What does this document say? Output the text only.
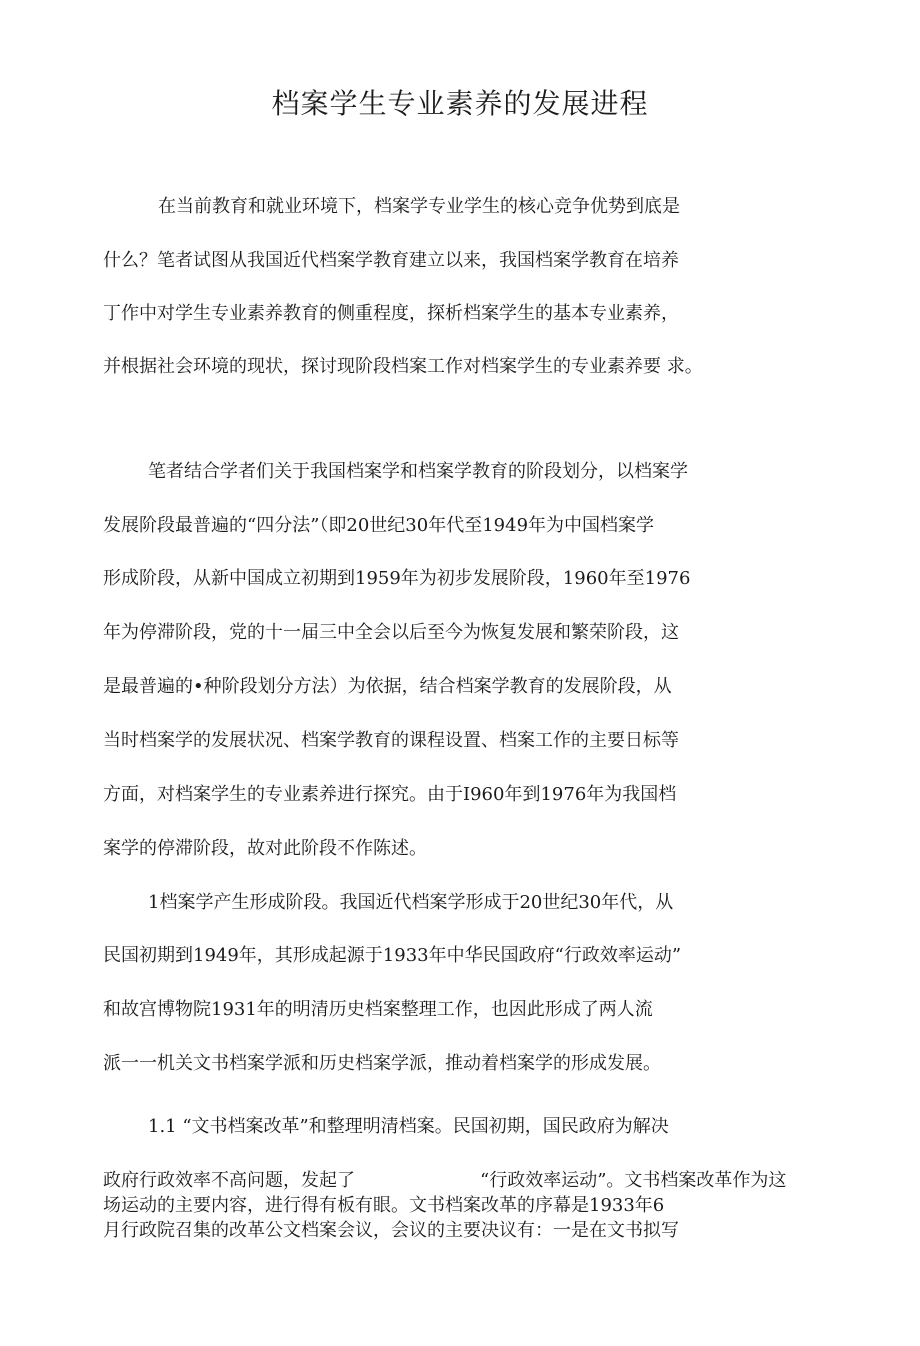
档案学生专业素养的发展进程
在当前教育和就业环境下，档案学专业学生的核心竞争优势到底是
什么？笔者试图从我国近代档案学教育建立以来，我国档案学教育在培养
丁作中对学生专业素养教育的侧重程度，探析档案学生的基本专业素养，
并根据社会环境的现状，探讨现阶段档案工作对档案学生的专业素养要 求。
笔者结合学者们关于我国档案学和档案学教育的阶段划分，以档案学
发展阶段最普遍的“四分法”（即20世纪30年代至1949年为中国档案学
形成阶段，从新中国成立初期到1959年为初步发展阶段，1960年至1976
年为停滞阶段，党的十一届三中全会以后至今为恢复发展和繁荣阶段，这
是最普遍的•种阶段划分方法）为依据，结合档案学教育的发展阶段，从
当时档案学的发展状况、档案学教育的课程设置、档案工作的主要日标等
方面，对档案学生的专业素养进行探究。由于I960年到1976年为我国档
案学的停滞阶段，故对此阶段不作陈述。
1档案学产生形成阶段。我国近代档案学形成于20世纪30年代，从
民国初期到1949年，其形成起源于1933年中华民国政府“行政效率运动”
和故宫博物院1931年的明清历史档案整理工作，也因此形成了两人流
派一一机关文书档案学派和历史档案学派，推动着档案学的形成发展。
1.1 “文书档案改革”和整理明清档案。民国初期，国民政府为解决
政府行政效率不高问题，发起了	“行政效率运动”。文书档案改革作为这
场运动的主要内容，进行得有板有眼。文书档案改革的序幕是1933年6
月行政院召集的改革公文档案会议，会议的主要决议有：一是在文书拟写
